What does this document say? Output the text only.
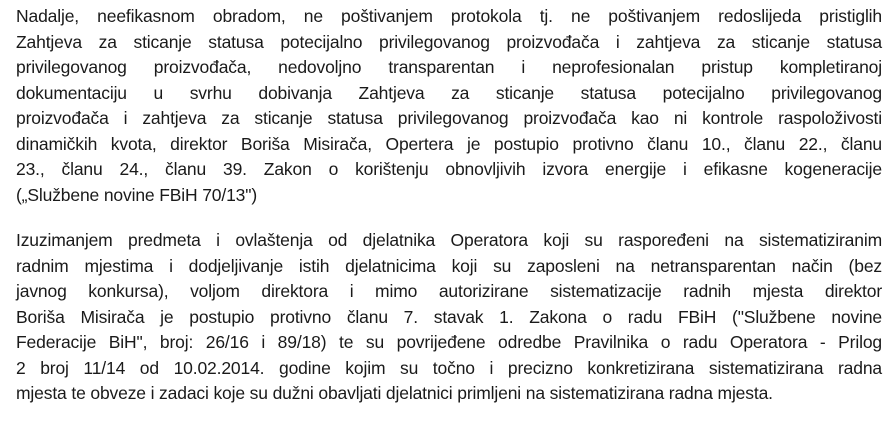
Nadalje, neefikasnom obradom, ne poštivanjem protokola tj. ne poštivanjem redoslijeda pristiglih
Zahtjeva za sticanje statusa potecijalno privilegovanog proizvođača i zahtjeva za sticanje statusa
privilegovanog proizvođača, nedovoljno transparentan i neprofesionalan pristup kompletiranoj
dokumentaciju u svrhu dobivanja Zahtjeva za sticanje statusa potecijalno privilegovanog
proizvođača i zahtjeva za sticanje statusa privilegovanog proizvođača kao ni kontrole raspoloživosti
dinamičkih kvota, direktor Boriša Misirača, Opertera je postupio protivno članu 10., članu 22., članu
23., članu 24., članu 39. Zakon o korištenju obnovljivih izvora energije i efikasne kogeneracije
(„Službene novine FBiH 70/13")
Izuzimanjem predmeta i ovlaštenja od djelatnika Operatora koji su raspoređeni na sistematiziranim
radnim mjestima i dodjeljivanje istih djelatnicima koji su zaposleni na netransparentan način (bez
javnog konkursa), voljom direktora i mimo autorizirane sistematizacije radnih mjesta direktor
Boriša Misirača je postupio protivno članu 7. stavak 1. Zakona o radu FBiH ("Službene novine
Federacije BiH", broj: 26/16 i 89/18) te su povrijeđene odredbe Pravilnika o radu Operatora - Prilog
2 broj 11/14 od 10.02.2014. godine kojim su točno i precizno konkretizirana sistematizirana radna
mjesta te obveze i zadaci koje su dužni obavljati djelatnici primljeni na sistematizirana radna mjesta.
